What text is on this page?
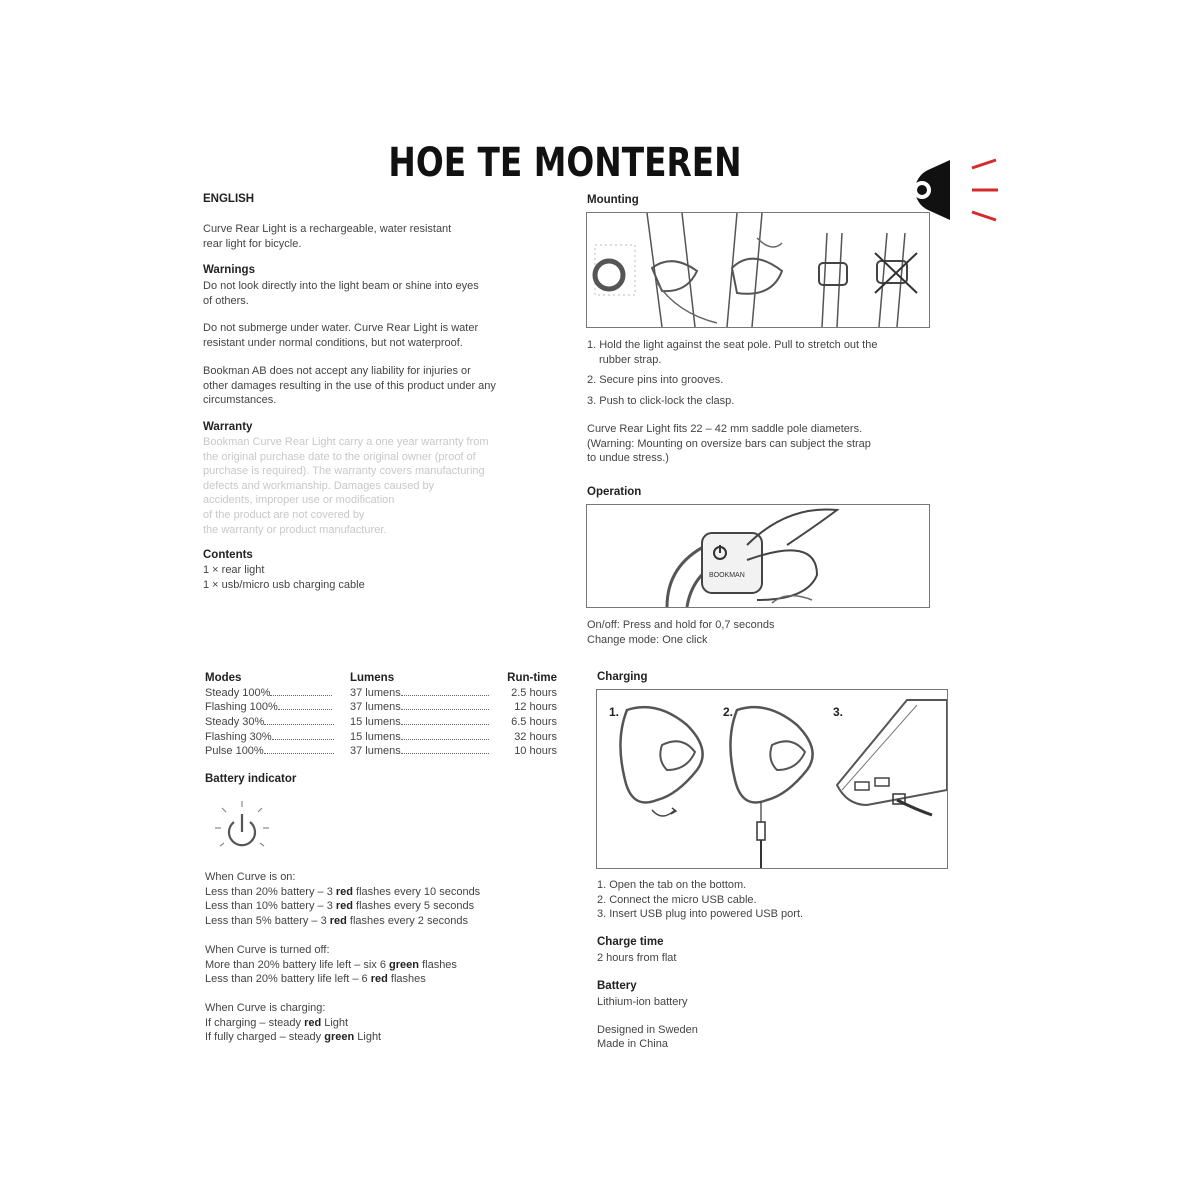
HOE TE MONTEREN
ENGLISH
Curve Rear Light is a rechargeable, water resistant
rear light for bicycle.
Warnings
Do not look directly into the light beam or shine into eyes
of others.
Do not submerge under water. Curve Rear Light is water
resistant under normal conditions, but not waterproof.
Bookman AB does not accept any liability for injuries or
other damages resulting in the use of this product under any
circumstances.
Warranty
Bookman Curve Rear Light carry a one year warranty from
the original purchase date to the original owner (proof of
purchase is required). The warranty covers manufacturing
defects and workmanship. Damages caused by
accidents, improper use or modification
of the product are not covered by
the warranty or product manufacturer.
Contents
1 × rear light
1 × usb/micro usb charging cable
Mounting
1. Hold the light against the seat pole. Pull to stretch out the
rubber strap.
2. Secure pins into grooves.
3. Push to click-lock the clasp.
Curve Rear Light fits 22 – 42 mm saddle pole diameters.
(Warning: Mounting on oversize bars can subject the strap
to undue stress.)
Operation
BOOKMAN
On/off: Press and hold for 0,7 seconds
Change mode: One click
Modes	Lumens	Run-time
Steady 100%	37 lumens	2.5 hours
Flashing 100%	37 lumens	12 hours
Steady 30%	15 lumens	6.5 hours
Flashing 30%	15 lumens	32 hours
Pulse 100%	37 lumens	10 hours
Battery indicator
When Curve is on:
Less than 20% battery – 3 red flashes every 10 seconds
Less than 10% battery – 3 red flashes every 5 seconds
Less than 5% battery – 3 red flashes every 2 seconds
When Curve is turned off:
More than 20% battery life left – six 6 green flashes
Less than 20% battery life left – 6 red flashes
When Curve is charging:
If charging – steady red Light
If fully charged – steady green Light
Charging
1.	2.	3.
1. Open the tab on the bottom.
2. Connect the micro USB cable.
3. Insert USB plug into powered USB port.
Charge time
2 hours from flat
Battery
Lithium-ion battery
Designed in Sweden
Made in China
